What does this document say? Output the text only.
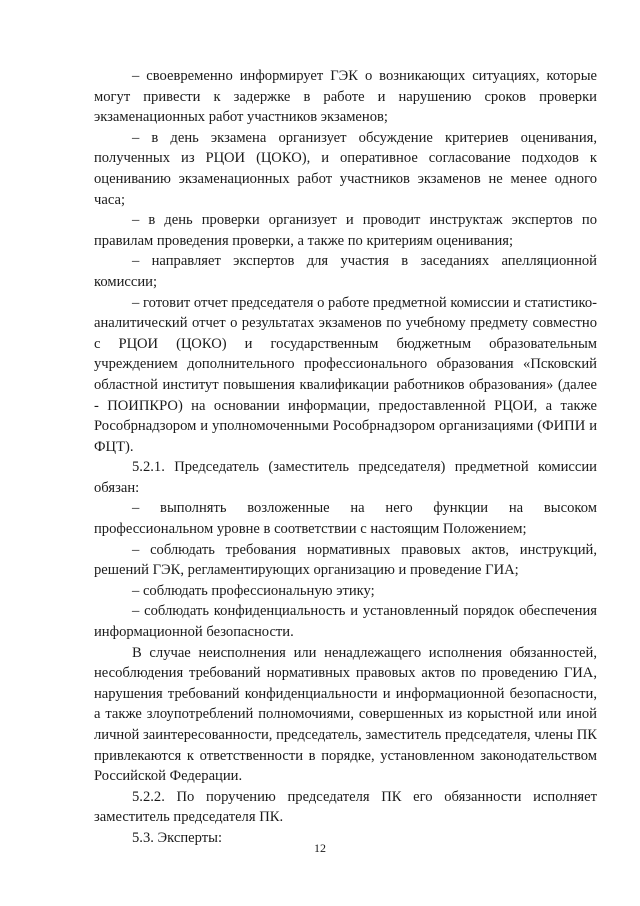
– своевременно информирует ГЭК о возникающих ситуациях, которые могут привести к задержке в работе и нарушению сроков проверки экзаменационных работ участников экзаменов;

– в день экзамена организует обсуждение критериев оценивания, полученных из РЦОИ (ЦОКО), и оперативное согласование подходов к оцениванию экзаменационных работ участников экзаменов не менее одного часа;

– в день проверки организует и проводит инструктаж экспертов по правилам проведения проверки, а также по критериям оценивания;

– направляет экспертов для участия в заседаниях апелляционной комиссии;

– готовит отчет председателя о работе предметной комиссии и статистико-аналитический отчет о результатах экзаменов по учебному предмету совместно с РЦОИ (ЦОКО) и государственным бюджетным образовательным учреждением дополнительного профессионального образования «Псковский областной институт повышения квалификации работников образования» (далее - ПОИПКРО) на основании информации, предоставленной РЦОИ, а также Рособрнадзором и уполномоченными Рособрнадзором организациями (ФИПИ и ФЦТ).

5.2.1. Председатель (заместитель председателя) предметной комиссии обязан:

– выполнять возложенные на него функции на высоком профессиональном уровне в соответствии с настоящим Положением;

– соблюдать требования нормативных правовых актов, инструкций, решений ГЭК, регламентирующих организацию и проведение ГИА;

– соблюдать профессиональную этику;

– соблюдать конфиденциальность и установленный порядок обеспечения информационной безопасности.

В случае неисполнения или ненадлежащего исполнения обязанностей, несоблюдения требований нормативных правовых актов по проведению ГИА, нарушения требований конфиденциальности и информационной безопасности, а также злоупотреблений полномочиями, совершенных из корыстной или иной личной заинтересованности, председатель, заместитель председателя, члены ПК привлекаются к ответственности в порядке, установленном законодательством Российской Федерации.

5.2.2. По поручению председателя ПК его обязанности исполняет заместитель председателя ПК.

5.3. Эксперты:

12
